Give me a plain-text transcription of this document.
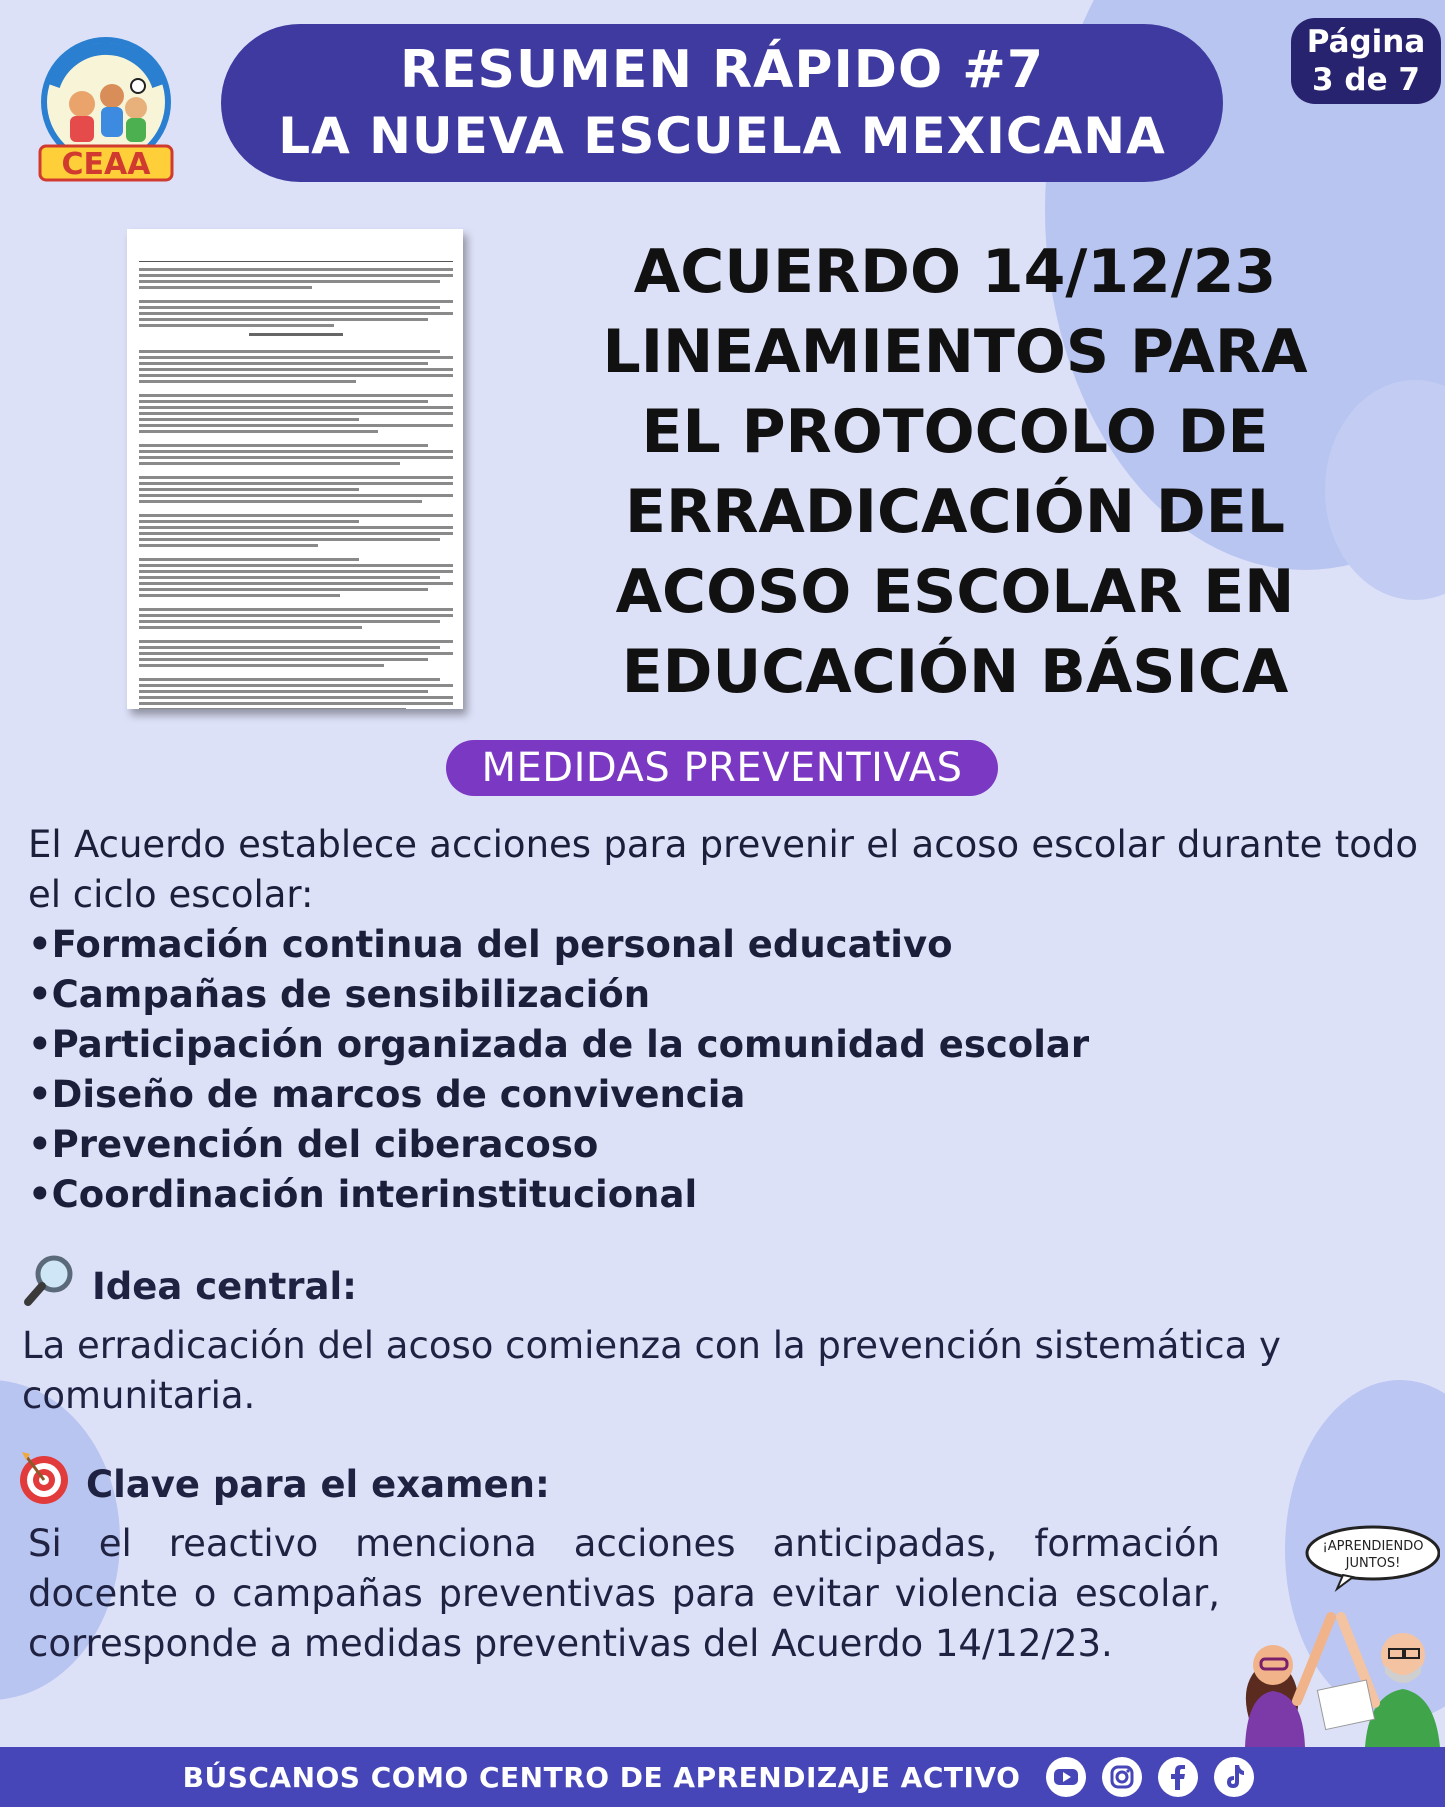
CEAA
RESUMEN RÁPIDO #7
LA NUEVA ESCUELA MEXICANA
Página
3 de 7
ACUERDO 14/12/23
LINEAMIENTOS PARA
EL PROTOCOLO DE
ERRADICACIÓN DEL
ACOSO ESCOLAR EN
EDUCACIÓN BÁSICA
MEDIDAS PREVENTIVAS
El Acuerdo establece acciones para prevenir el acoso escolar durante todo el ciclo escolar:
• Formación continua del personal educativo
• Campañas de sensibilización
• Participación organizada de la comunidad escolar
• Diseño de marcos de convivencia
• Prevención del ciberacoso
• Coordinación interinstitucional
Idea central:
La erradicación del acoso comienza con la prevención sistemática y comunitaria.
Clave para el examen:
Si el reactivo menciona acciones anticipadas, formación docente o campañas preventivas para evitar violencia escolar, corresponde a medidas preventivas del Acuerdo 14/12/23.
¡APRENDIENDO
JUNTOS!
BÚSCANOS COMO CENTRO DE APRENDIZAJE ACTIVO
